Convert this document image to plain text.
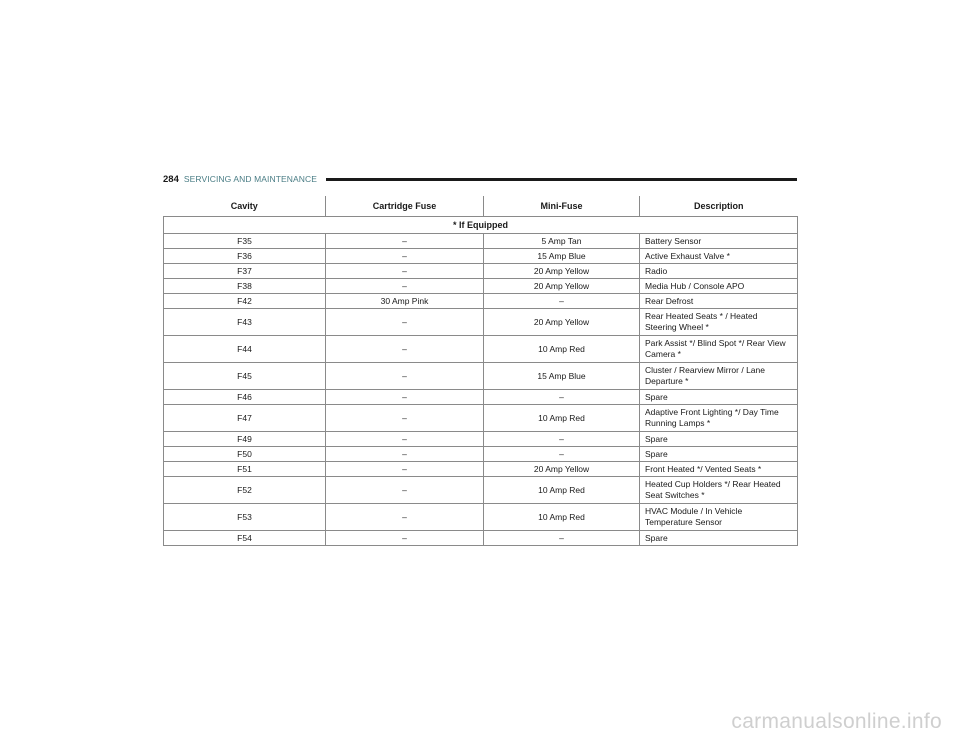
284 SERVICING AND MAINTENANCE
Cavity	Cartridge Fuse	Mini-Fuse	Description
* If Equipped			
F35	–	5 Amp Tan	Battery Sensor
F36	–	15 Amp Blue	Active Exhaust Valve *
F37	–	20 Amp Yellow	Radio
F38	–	20 Amp Yellow	Media Hub / Console APO
F42	30 Amp Pink	–	Rear Defrost
F43	–	20 Amp Yellow	Rear Heated Seats * / Heated Steering Wheel *
F44	–	10 Amp Red	Park Assist */ Blind Spot */ Rear View Camera *
F45	–	15 Amp Blue	Cluster / Rearview Mirror / Lane Departure *
F46	–	–	Spare
F47	–	10 Amp Red	Adaptive Front Lighting */ Day Time Running Lamps *
F49	–	–	Spare
F50	–	–	Spare
F51	–	20 Amp Yellow	Front Heated */ Vented Seats *
F52	–	10 Amp Red	Heated Cup Holders */ Rear Heated Seat Switches *
F53	–	10 Amp Red	HVAC Module / In Vehicle Temperature Sensor
F54	–	–	Spare
carmanualsonline.info
